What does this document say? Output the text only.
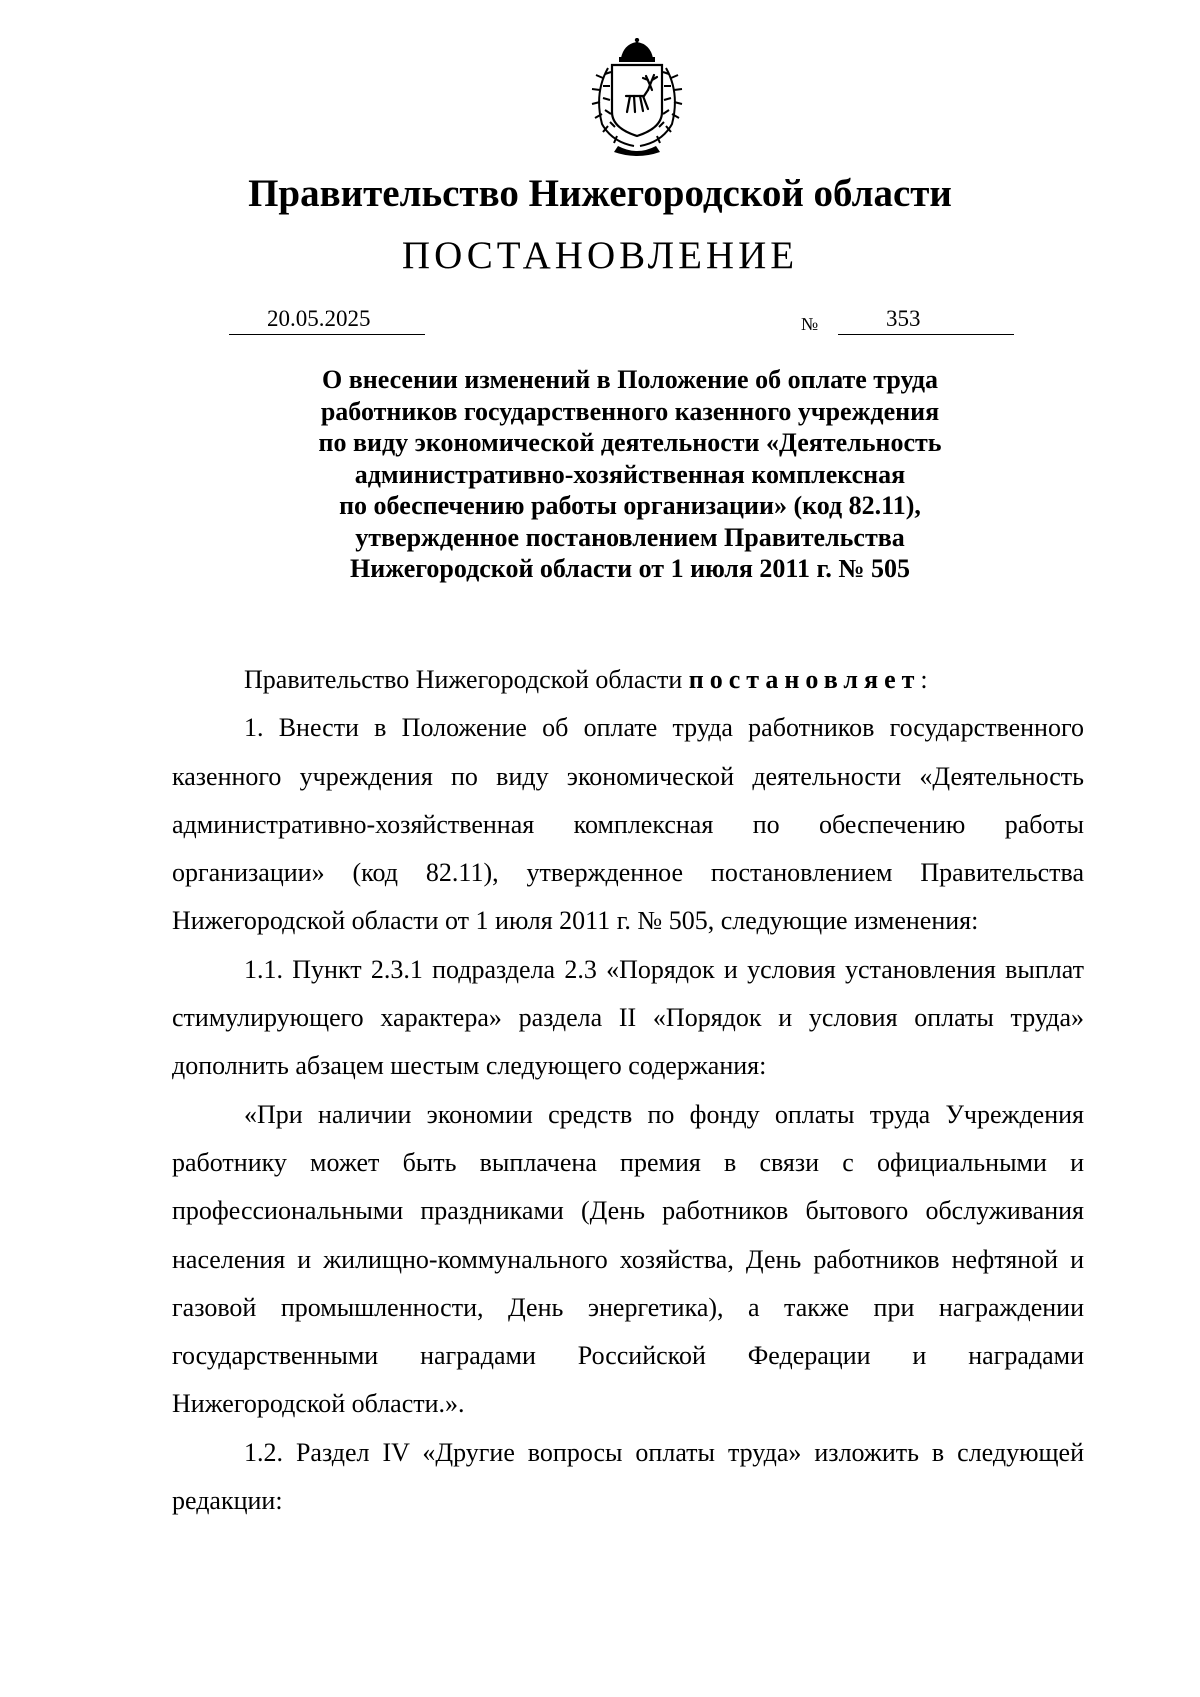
Правительство Нижегородской области
ПОСТАНОВЛЕНИЕ
20.05.2025	№	353
О внесении изменений в Положение об оплате труда
работников государственного казенного учреждения
по виду экономической деятельности «Деятельность
административно-хозяйственная комплексная
по обеспечению работы организации» (код 82.11),
утвержденное постановлением Правительства
Нижегородской области от 1 июля 2011 г. № 505

Правительство Нижегородской области постановляет:

1. Внести в Положение об оплате труда работников государственного казенного учреждения по виду экономической деятельности «Деятельность административно-хозяйственная комплексная по обеспечению работы организации» (код 82.11), утвержденное постановлением Правительства Нижегородской области от 1 июля 2011 г. № 505, следующие изменения:

1.1. Пункт 2.3.1 подраздела 2.3 «Порядок и условия установления выплат стимулирующего характера» раздела II «Порядок и условия оплаты труда» дополнить абзацем шестым следующего содержания:

«При наличии экономии средств по фонду оплаты труда Учреждения работнику может быть выплачена премия в связи с официальными и профессиональными праздниками (День работников бытового обслуживания населения и жилищно-коммунального хозяйства, День работников нефтяной и газовой промышленности, День энергетика), а также при награждении государственными наградами Российской Федерации и наградами Нижегородской области.».

1.2. Раздел IV «Другие вопросы оплаты труда» изложить в следующей редакции:
